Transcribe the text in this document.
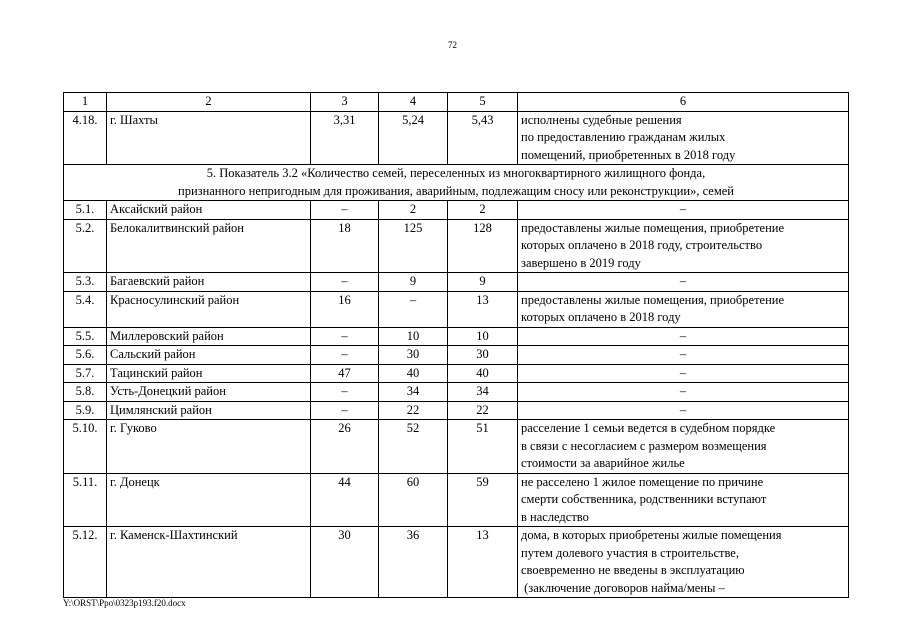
72
1	2	3	4	5	6
4.18.	г. Шахты	3,31	5,24	5,43	исполнены судебные решения
по предоставлению гражданам жилых
помещений, приобретенных в 2018 году

5. Показатель 3.2 «Количество семей, переселенных из многоквартирного жилищного фонда,
признанного непригодным для проживания, аварийным, подлежащим сносу или реконструкции», семей					

5.1.	Аксайский район	–	2	2	–

5.2.	Белокалитвинский район	18	125	128	предоставлены жилые помещения, приобретение
которых оплачено в 2018 году, строительство
завершено в 2019 году

5.3.	Багаевский район	–	9	9	–

5.4.	Красносулинский район	16	–	13	предоставлены жилые помещения, приобретение
которых оплачено в 2018 году

5.5.	Миллеровский район	–	10	10	–

5.6.	Сальский район	–	30	30	–

5.7.	Тацинский район	47	40	40	–

5.8.	Усть-Донецкий район	–	34	34	–

5.9.	Цимлянский район	–	22	22	–

5.10.	г. Гуково	26	52	51	расселение 1 семьи ведется в судебном порядке
в связи с несогласием с размером возмещения
стоимости за аварийное жилье

5.11.	г. Донецк	44	60	59	не расселено 1 жилое помещение по причине
смерти собственника, родственники вступают
в наследство

5.12.	г. Каменск-Шахтинский	30	36	13	дома, в которых приобретены жилые помещения
путем долевого участия в строительстве,
своевременно не введены в эксплуатацию
(заключение договоров найма/мены –
Y:\ORST\Ppo\0323p193.f20.docx
